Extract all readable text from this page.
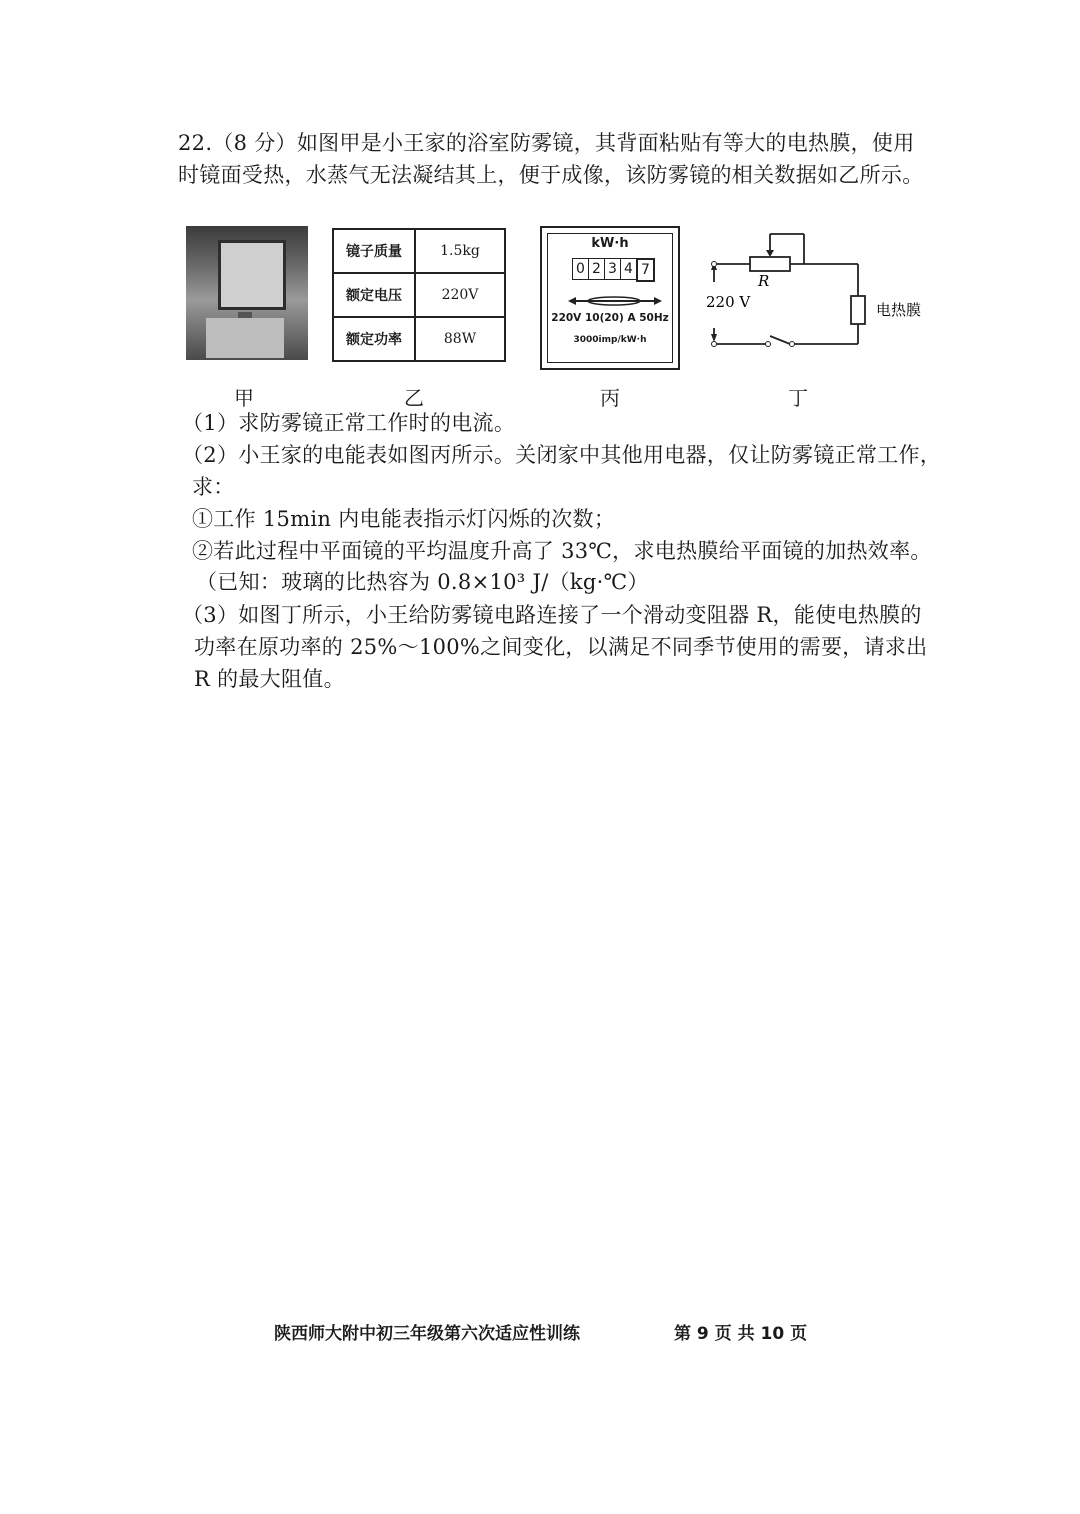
22.（8 分）如图甲是小王家的浴室防雾镜，其背面粘贴有等大的电热膜，使用
时镜面受热，水蒸气无法凝结其上，便于成像，该防雾镜的相关数据如乙所示。
镜子质量	1.5kg
额定电压	220V
额定功率	88W
kW·h
0 2 3 4 7
220V 10(20) A 50Hz
3000imp/kW·h
R
220 V	电热膜
甲	乙	丙	丁
（1）求防雾镜正常工作时的电流。
（2）小王家的电能表如图丙所示。关闭家中其他用电器，仅让防雾镜正常工作，
求：
①工作 15min 内电能表指示灯闪烁的次数；
②若此过程中平面镜的平均温度升高了 33℃，求电热膜给平面镜的加热效率。
（已知：玻璃的比热容为 0.8×10³ J/（kg·℃）
（3）如图丁所示，小王给防雾镜电路连接了一个滑动变阻器 R，能使电热膜的
功率在原功率的 25%～100%之间变化，以满足不同季节使用的需要，请求出
R 的最大阻值。
陕西师大附中初三年级第六次适应性训练	第 9 页 共 10 页
